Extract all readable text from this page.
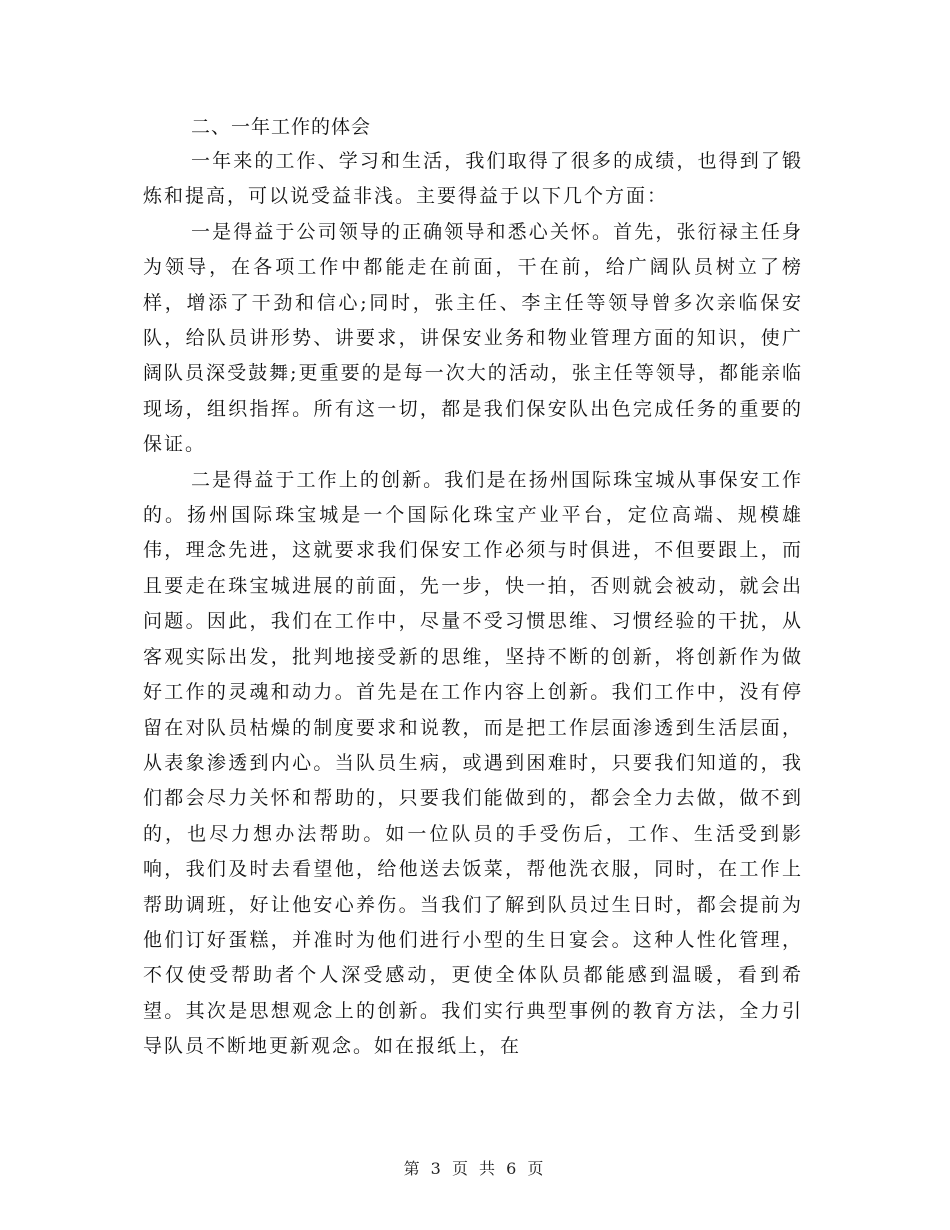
二、一年工作的体会

一年来的工作、学习和生活，我们取得了很多的成绩，也得到了锻炼和提高，可以说受益非浅。主要得益于以下几个方面：

一是得益于公司领导的正确领导和悉心关怀。首先，张衍禄主任身为领导，在各项工作中都能走在前面，干在前，给广阔队员树立了榜样，增添了干劲和信心;同时，张主任、李主任等领导曾多次亲临保安队，给队员讲形势、讲要求，讲保安业务和物业管理方面的知识，使广阔队员深受鼓舞;更重要的是每一次大的活动，张主任等领导，都能亲临现场，组织指挥。所有这一切，都是我们保安队出色完成任务的重要的保证。

二是得益于工作上的创新。我们是在扬州国际珠宝城从事保安工作的。扬州国际珠宝城是一个国际化珠宝产业平台，定位高端、规模雄伟，理念先进，这就要求我们保安工作必须与时俱进，不但要跟上，而且要走在珠宝城进展的前面，先一步，快一拍，否则就会被动，就会出问题。因此，我们在工作中，尽量不受习惯思维、习惯经验的干扰，从客观实际出发，批判地接受新的思维，坚持不断的创新，将创新作为做好工作的灵魂和动力。首先是在工作内容上创新。我们工作中，没有停留在对队员枯燥的制度要求和说教，而是把工作层面渗透到生活层面，从表象渗透到内心。当队员生病，或遇到困难时，只要我们知道的，我们都会尽力关怀和帮助的，只要我们能做到的，都会全力去做，做不到的，也尽力想办法帮助。如一位队员的手受伤后，工作、生活受到影响，我们及时去看望他，给他送去饭菜，帮他洗衣服，同时，在工作上帮助调班，好让他安心养伤。当我们了解到队员过生日时，都会提前为他们订好蛋糕，并准时为他们进行小型的生日宴会。这种人性化管理，不仅使受帮助者个人深受感动，更使全体队员都能感到温暖，看到希望。其次是思想观念上的创新。我们实行典型事例的教育方法，全力引导队员不断地更新观念。如在报纸上，在

第 3 页 共 6 页
